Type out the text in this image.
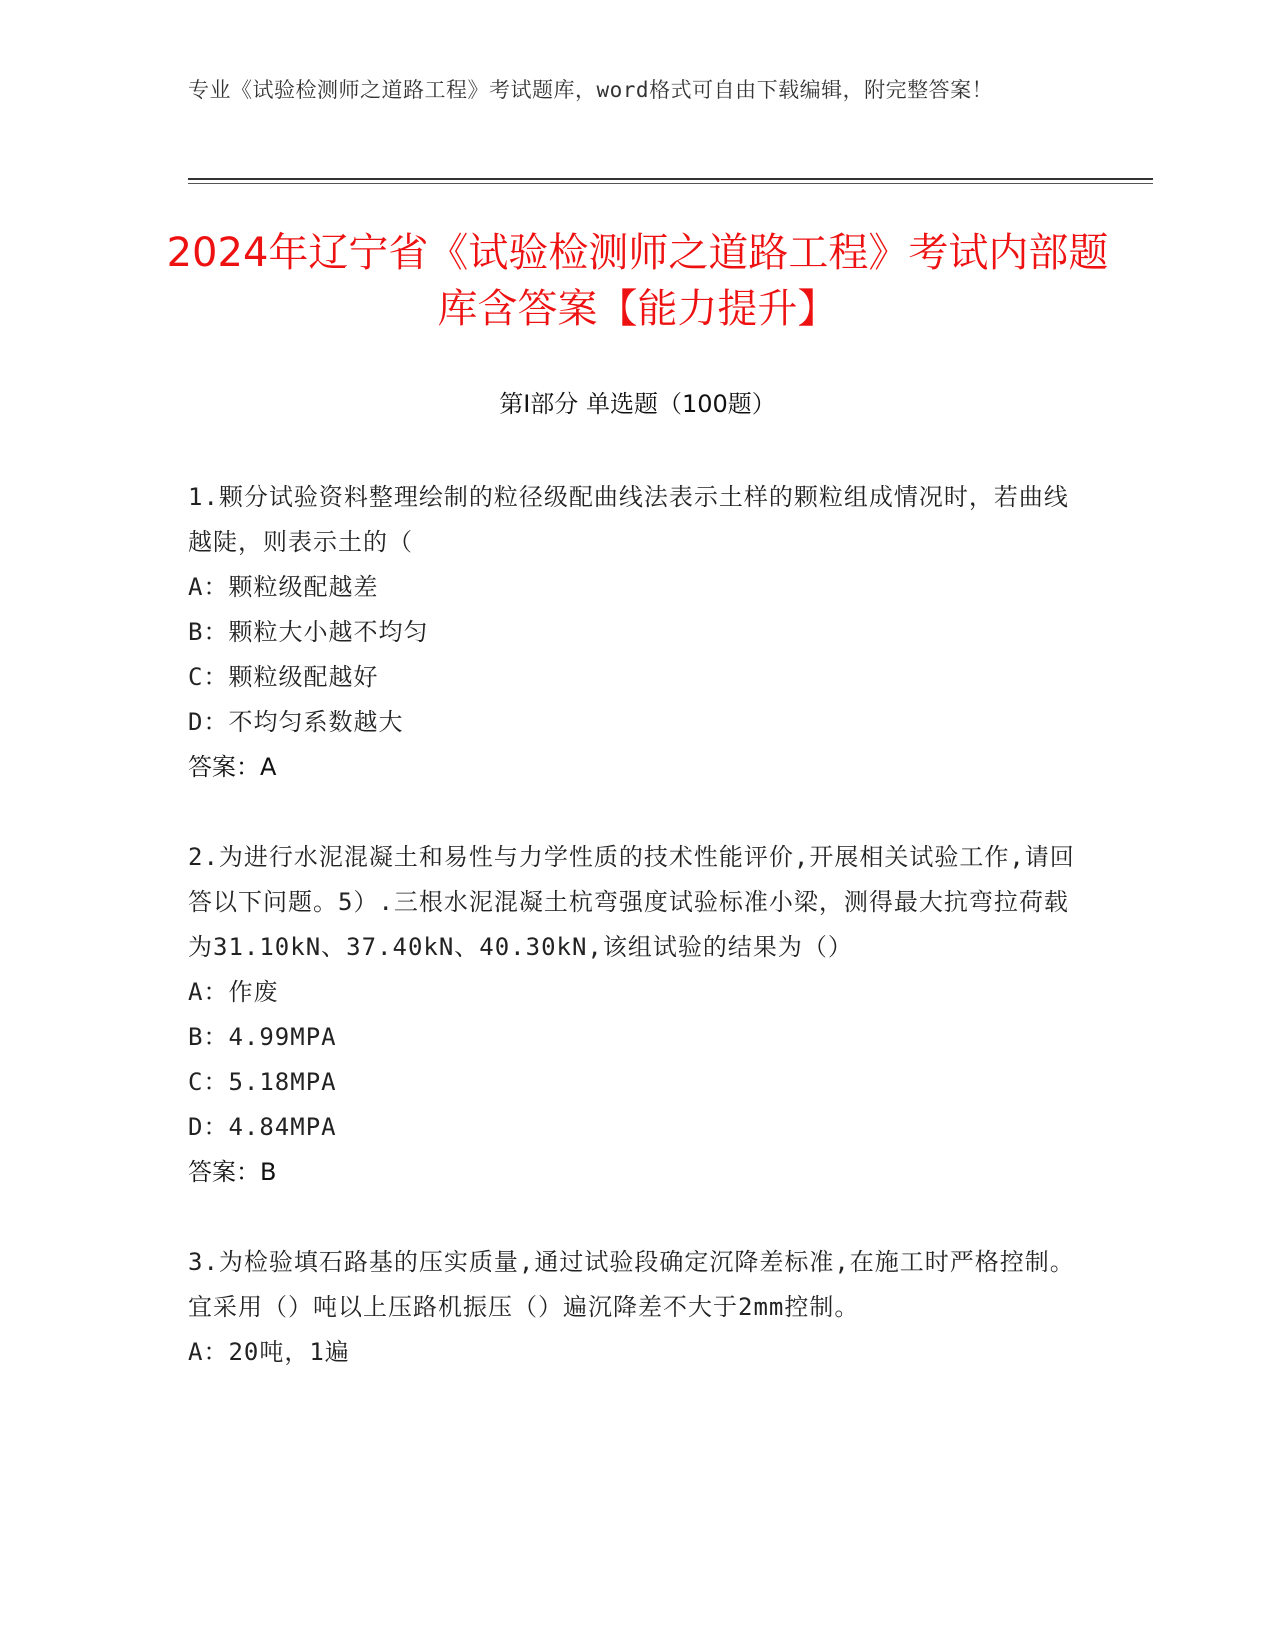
专业《试验检测师之道路工程》考试题库，word格式可自由下载编辑，附完整答案！
2024年辽宁省《试验检测师之道路工程》考试内部题库含答案【能力提升】
第Ⅰ部分 单选题（100题）
1.颗分试验资料整理绘制的粒径级配曲线法表示土样的颗粒组成情况时，若曲线越陡，则表示土的（
A：颗粒级配越差
B：颗粒大小越不均匀
C：颗粒级配越好
D：不均匀系数越大
答案：A
2.为进行水泥混凝土和易性与力学性质的技术性能评价,开展相关试验工作,请回答以下问题。5）.三根水泥混凝土杭弯强度试验标准小梁，测得最大抗弯拉荷载为31.10kN、37.40kN、40.30kN,该组试验的结果为（）
A：作废
B：4.99MPA
C：5.18MPA
D：4.84MPA
答案：B
3.为检验填石路基的压实质量,通过试验段确定沉降差标准,在施工时严格控制。宜采用（）吨以上压路机振压（）遍沉降差不大于2mm控制。
A：20吨，1遍
